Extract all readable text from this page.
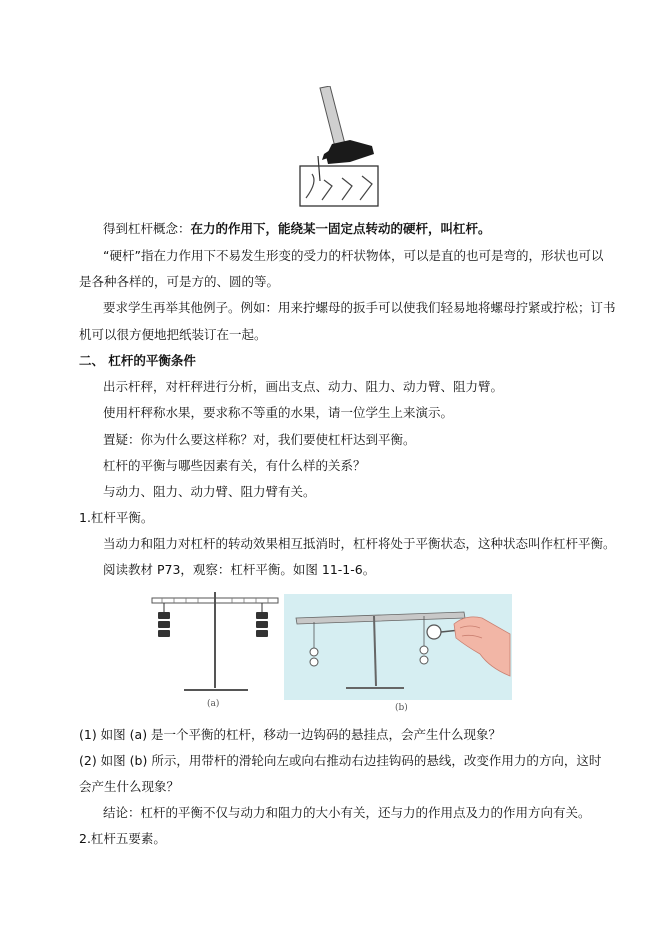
得到杠杆概念：在力的作用下，能绕某一固定点转动的硬杆，叫杠杆。
“硬杆”指在力作用下不易发生形变的受力的杆状物体，可以是直的也可是弯的，形状也可以
是各种各样的，可是方的、圆的等。
要求学生再举其他例子。例如：用来拧螺母的扳手可以使我们轻易地将螺母拧紧或拧松；订书
机可以很方便地把纸装订在一起。
二、 杠杆的平衡条件
出示杆秤，对杆秤进行分析，画出支点、动力、阻力、动力臂、阻力臂。
使用杆秤称水果，要求称不等重的水果，请一位学生上来演示。
置疑：你为什么要这样称？对，我们要使杠杆达到平衡。
杠杆的平衡与哪些因素有关，有什么样的关系？
与动力、阻力、动力臂、阻力臂有关。
1.杠杆平衡。
当动力和阻力对杠杆的转动效果相互抵消时，杠杆将处于平衡状态，这种状态叫作杠杆平衡。
阅读教材 P73，观察：杠杆平衡。如图 11-1-6。
(a)	(b)
(1) 如图 (a) 是一个平衡的杠杆，移动一边钩码的悬挂点，会产生什么现象？
(2) 如图 (b) 所示，用带杆的滑轮向左或向右推动右边挂钩码的悬线，改变作用力的方向，这时
会产生什么现象？
结论：杠杆的平衡不仅与动力和阻力的大小有关，还与力的作用点及力的作用方向有关。
2.杠杆五要素。
